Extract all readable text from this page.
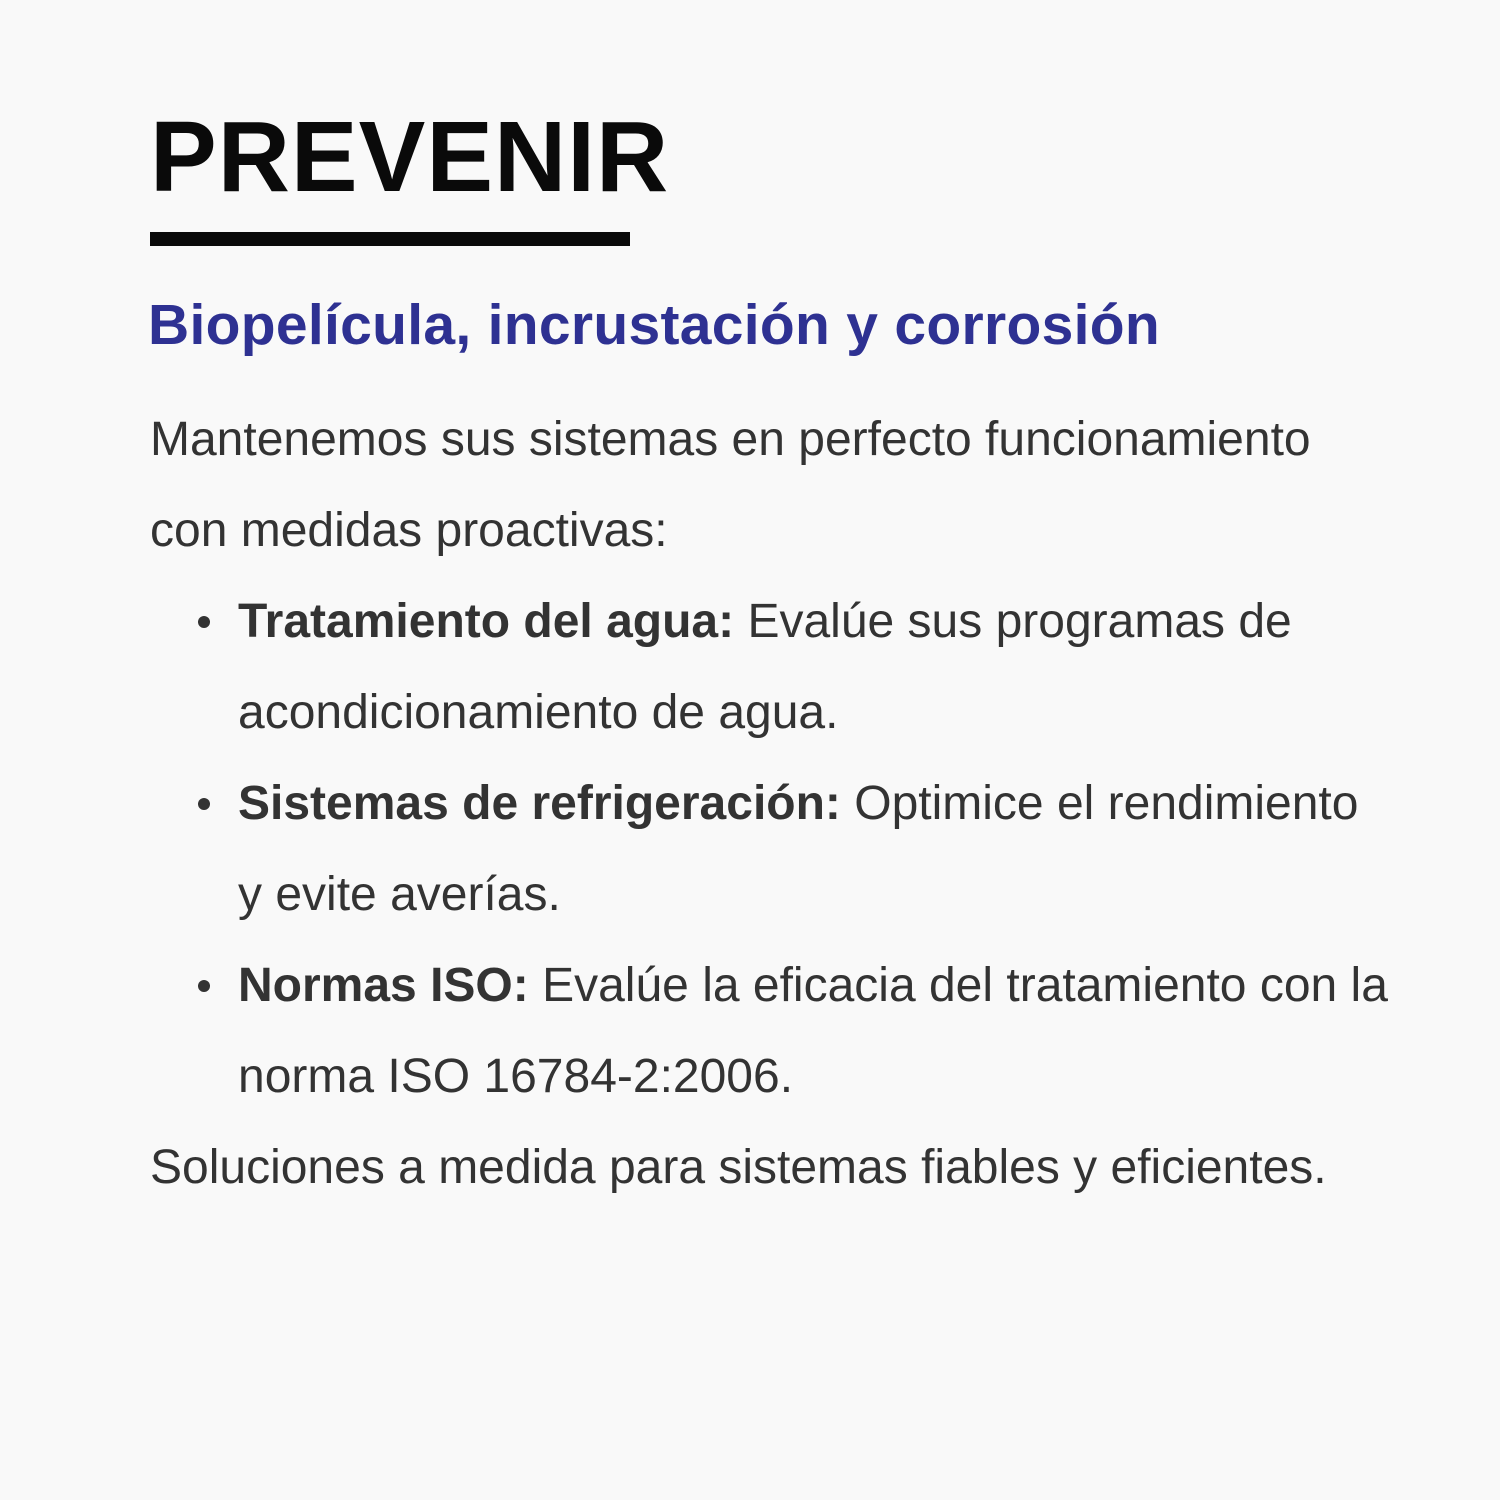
PREVENIR
Biopelícula, incrustación y corrosión

Mantenemos sus sistemas en perfecto funcionamiento con medidas proactivas:

Tratamiento del agua: Evalúe sus programas de acondicionamiento de agua.
Sistemas de refrigeración: Optimice el rendimiento y evite averías.
Normas ISO: Evalúe la eficacia del tratamiento con la norma ISO 16784-2:2006.

Soluciones a medida para sistemas fiables y eficientes.
